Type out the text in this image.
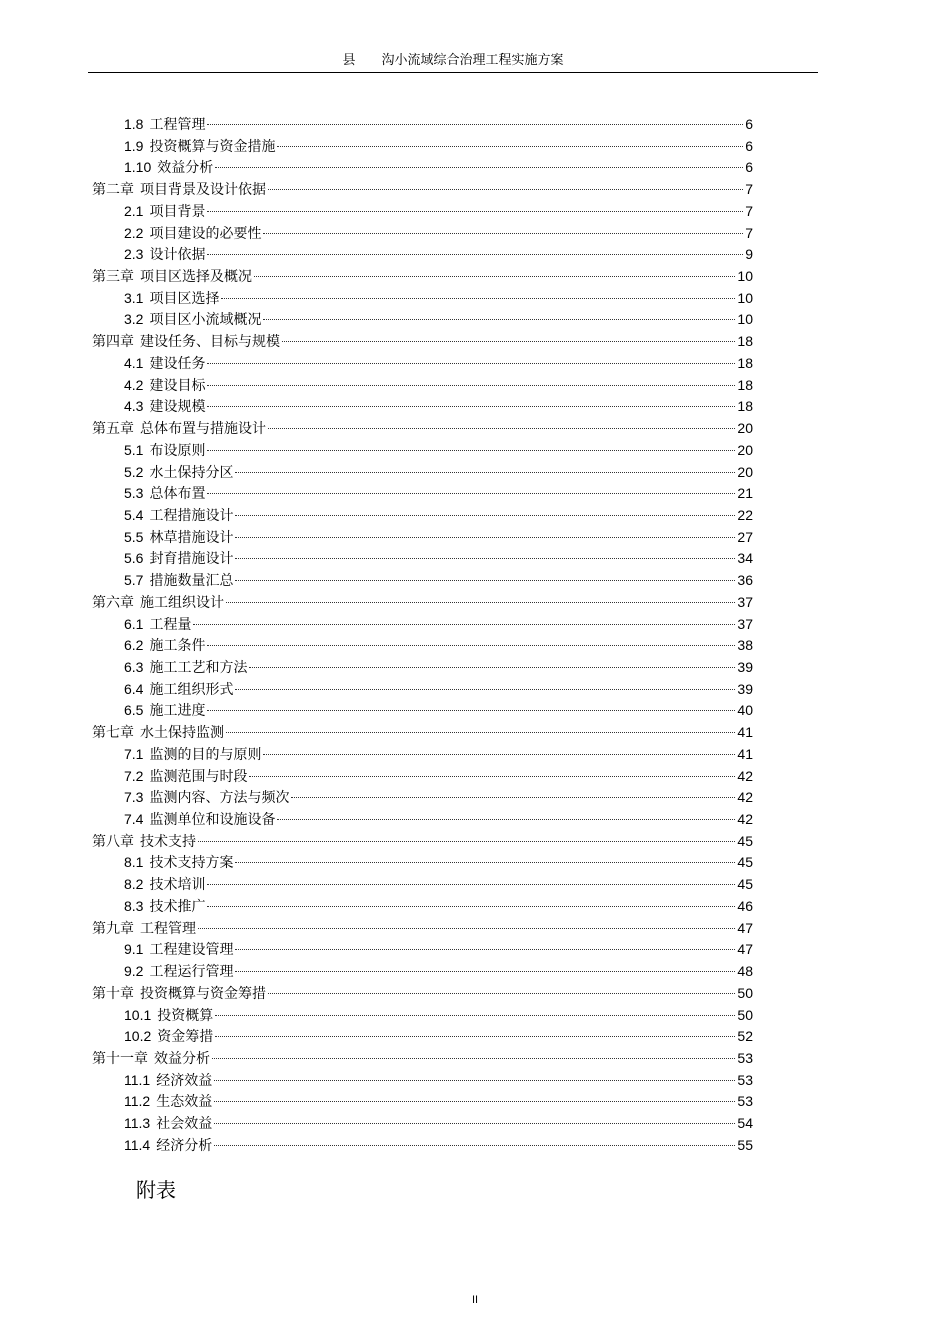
县 沟小流域综合治理工程实施方案
1.8 工程管理	6
1.9 投资概算与资金措施	6
1.10 效益分析	6
第二章 项目背景及设计依据	7
2.1 项目背景	7
2.2 项目建设的必要性	7
2.3 设计依据	9
第三章 项目区选择及概况	10
3.1 项目区选择	10
3.2 项目区小流域概况	10
第四章 建设任务、目标与规模	18
4.1 建设任务	18
4.2 建设目标	18
4.3 建设规模	18
第五章 总体布置与措施设计	20
5.1 布设原则	20
5.2 水土保持分区	20
5.3 总体布置	21
5.4 工程措施设计	22
5.5 林草措施设计	27
5.6 封育措施设计	34
5.7 措施数量汇总	36
第六章 施工组织设计	37
6.1 工程量	37
6.2 施工条件	38
6.3 施工工艺和方法	39
6.4 施工组织形式	39
6.5 施工进度	40
第七章 水土保持监测	41
7.1 监测的目的与原则	41
7.2 监测范围与时段	42
7.3 监测内容、方法与频次	42
7.4 监测单位和设施设备	42
第八章 技术支持	45
8.1 技术支持方案	45
8.2 技术培训	45
8.3 技术推广	46
第九章 工程管理	47
9.1 工程建设管理	47
9.2 工程运行管理	48
第十章 投资概算与资金筹措	50
10.1 投资概算	50
10.2 资金筹措	52
第十一章 效益分析	53
11.1 经济效益	53
11.2 生态效益	53
11.3 社会效益	54
11.4 经济分析	55
附表
II
